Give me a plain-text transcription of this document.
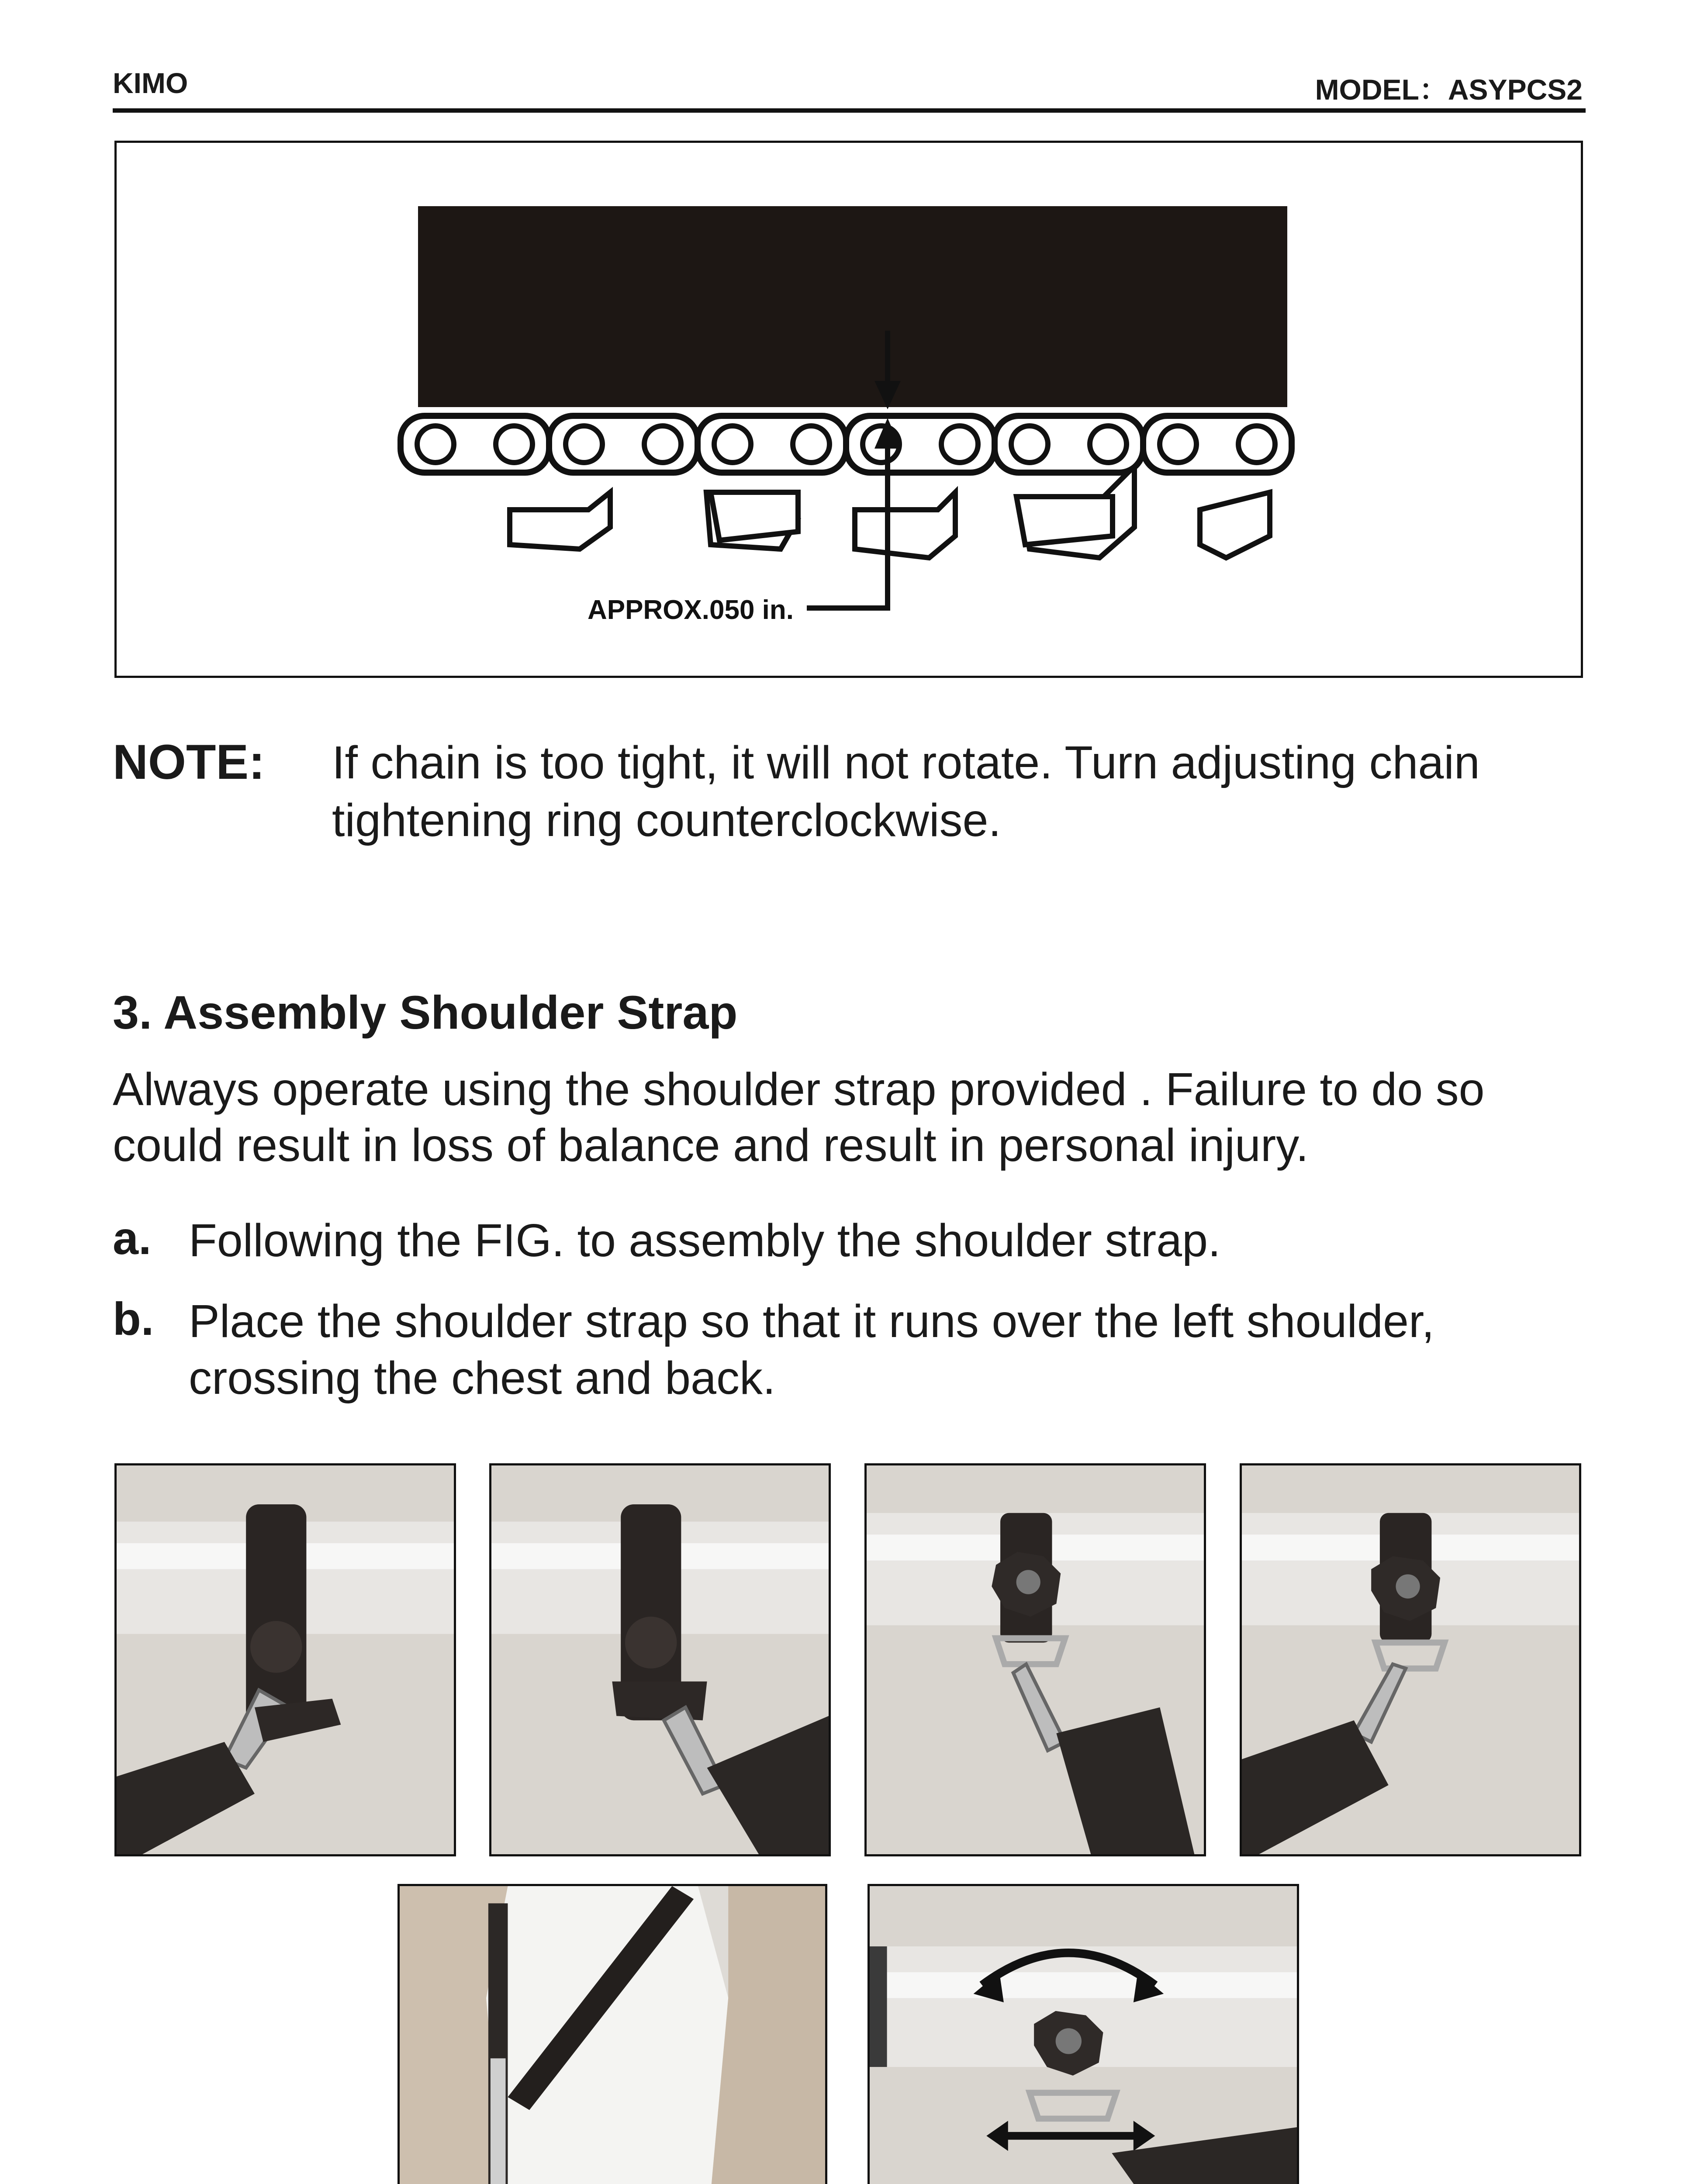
KIMO	MODEL：ASYPCS2
APPROX.050 in.
NOTE: If chain is too tight, it will not rotate. Turn adjusting chain tightening ring counterclockwise.
3. Assembly Shoulder Strap
Always operate using the shoulder strap provided . Failure to do so could result in loss of balance and result in personal injury.
a. Following the FIG. to assembly the shoulder strap.
b. Place the shoulder strap so that it runs over the left shoulder, crossing the chest and back.
